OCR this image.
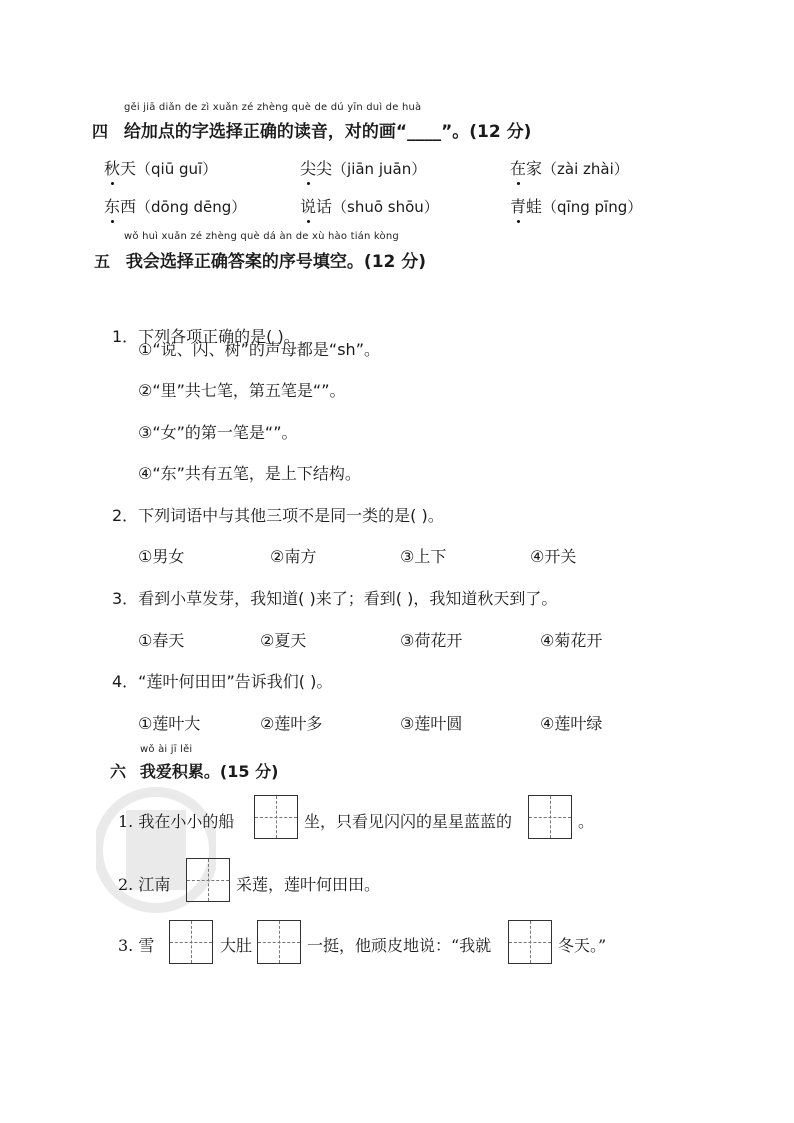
gěi jiā diǎn de zì xuǎn zé zhèng què de dú yīn duì de huà
四 给加点的字选择正确的读音，对的画“____”。(12 分)
秋天（qiū guī）	尖尖（jiān juān）	在家（zài zhài）
东西（dōng dēng）	说话（shuō shōu）	青蛙（qīng pīng）
wǒ huì xuǎn zé zhèng què dá àn de xù hào tián kòng
五 我会选择正确答案的序号填空。(12 分)
1．下列各项正确的是( )。
①“说、闪、树”的声母都是“sh”。
②“里”共七笔，第五笔是“”。
③“女”的第一笔是“”。
④“东”共有五笔，是上下结构。
2．下列词语中与其他三项不是同一类的是( )。
①男女	②南方	③上下	④开关
3．看到小草发芽，我知道( )来了；看到( )，我知道秋天到了。
①春天	②夏天	③荷花开	④菊花开
4．“莲叶何田田”告诉我们( )。
①莲叶大	②莲叶多	③莲叶圆	④莲叶绿
wǒ ài jī lěi
六 我爱积累。(15 分)
1. 我在小小的船	坐，只看见闪闪的星星蓝蓝的	。
2. 江南	采莲，莲叶何田田。
3. 雪	大肚	一挺，他顽皮地说：“我就	冬天。”
